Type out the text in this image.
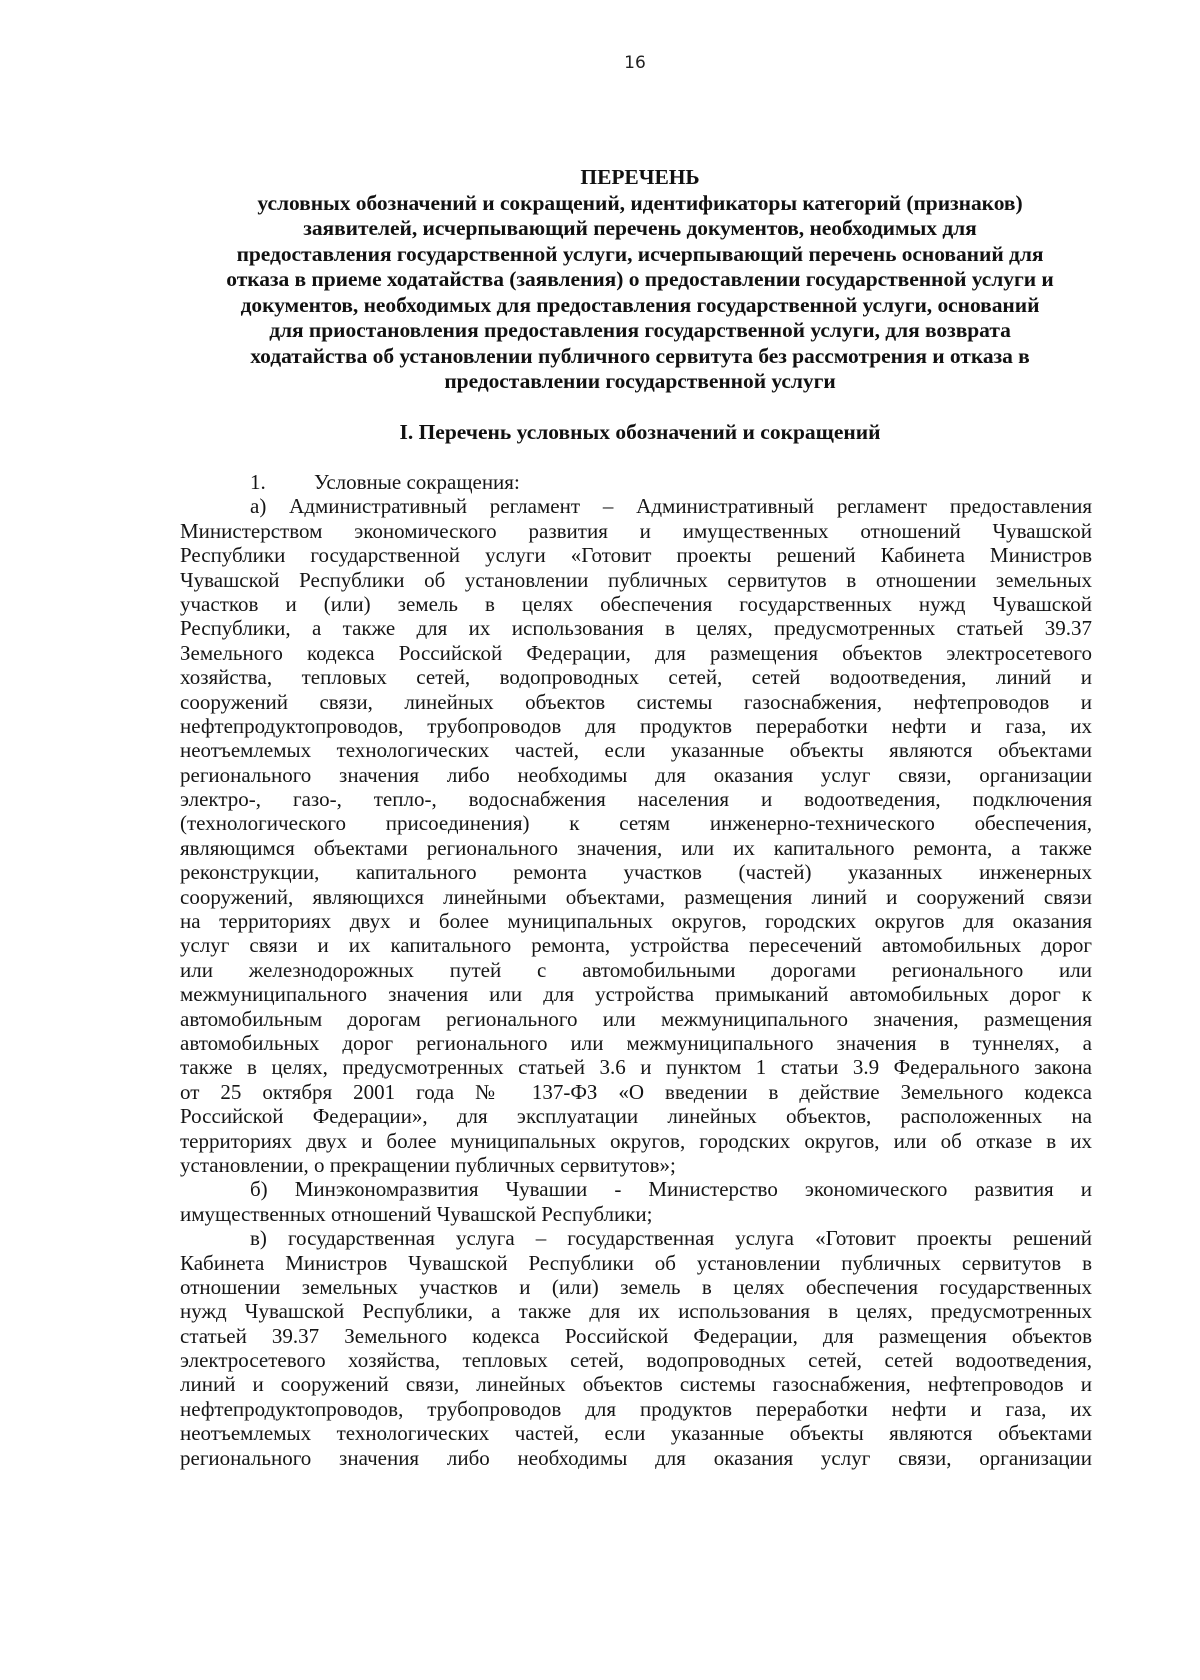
16
ПЕРЕЧЕНЬ
условных обозначений и сокращений, идентификаторы категорий (признаков)
заявителей, исчерпывающий перечень документов, необходимых для
предоставления государственной услуги, исчерпывающий перечень оснований для
отказа в приеме ходатайства (заявления) о предоставлении государственной услуги и
документов, необходимых для предоставления государственной услуги, оснований
для приостановления предоставления государственной услуги, для возврата
ходатайства об установлении публичного сервитута без рассмотрения и отказа в
предоставлении государственной услуги
I. Перечень условных обозначений и сокращений
1. Условные сокращения:
а) Административный регламент – Административный регламент предоставления
Министерством экономического развития и имущественных отношений Чувашской
Республики государственной услуги «Готовит проекты решений Кабинета Министров
Чувашской Республики об установлении публичных сервитутов в отношении земельных
участков и (или) земель в целях обеспечения государственных нужд Чувашской
Республики, а также для их использования в целях, предусмотренных статьей 39.37
Земельного кодекса Российской Федерации, для размещения объектов электросетевого
хозяйства, тепловых сетей, водопроводных сетей, сетей водоотведения, линий и
сооружений связи, линейных объектов системы газоснабжения, нефтепроводов и
нефтепродуктопроводов, трубопроводов для продуктов переработки нефти и газа, их
неотъемлемых технологических частей, если указанные объекты являются объектами
регионального значения либо необходимы для оказания услуг связи, организации
электро-, газо-, тепло-, водоснабжения населения и водоотведения, подключения
(технологического присоединения) к сетям инженерно-технического обеспечения,
являющимся объектами регионального значения, или их капитального ремонта, а также
реконструкции, капитального ремонта участков (частей) указанных инженерных
сооружений, являющихся линейными объектами, размещения линий и сооружений связи
на территориях двух и более муниципальных округов, городских округов для оказания
услуг связи и их капитального ремонта, устройства пересечений автомобильных дорог
или железнодорожных путей с автомобильными дорогами регионального или
межмуниципального значения или для устройства примыканий автомобильных дорог к
автомобильным дорогам регионального или межмуниципального значения, размещения
автомобильных дорог регионального или межмуниципального значения в туннелях, а
также в целях, предусмотренных статьей 3.6 и пунктом 1 статьи 3.9 Федерального закона
от 25 октября 2001 года № 137-ФЗ «О введении в действие Земельного кодекса
Российской Федерации», для эксплуатации линейных объектов, расположенных на
территориях двух и более муниципальных округов, городских округов, или об отказе в их
установлении, о прекращении публичных сервитутов»;
б) Минэкономразвития Чувашии - Министерство экономического развития и
имущественных отношений Чувашской Республики;
в) государственная услуга – государственная услуга «Готовит проекты решений
Кабинета Министров Чувашской Республики об установлении публичных сервитутов в
отношении земельных участков и (или) земель в целях обеспечения государственных
нужд Чувашской Республики, а также для их использования в целях, предусмотренных
статьей 39.37 Земельного кодекса Российской Федерации, для размещения объектов
электросетевого хозяйства, тепловых сетей, водопроводных сетей, сетей водоотведения,
линий и сооружений связи, линейных объектов системы газоснабжения, нефтепроводов и
нефтепродуктопроводов, трубопроводов для продуктов переработки нефти и газа, их
неотъемлемых технологических частей, если указанные объекты являются объектами
регионального значения либо необходимы для оказания услуг связи, организации
